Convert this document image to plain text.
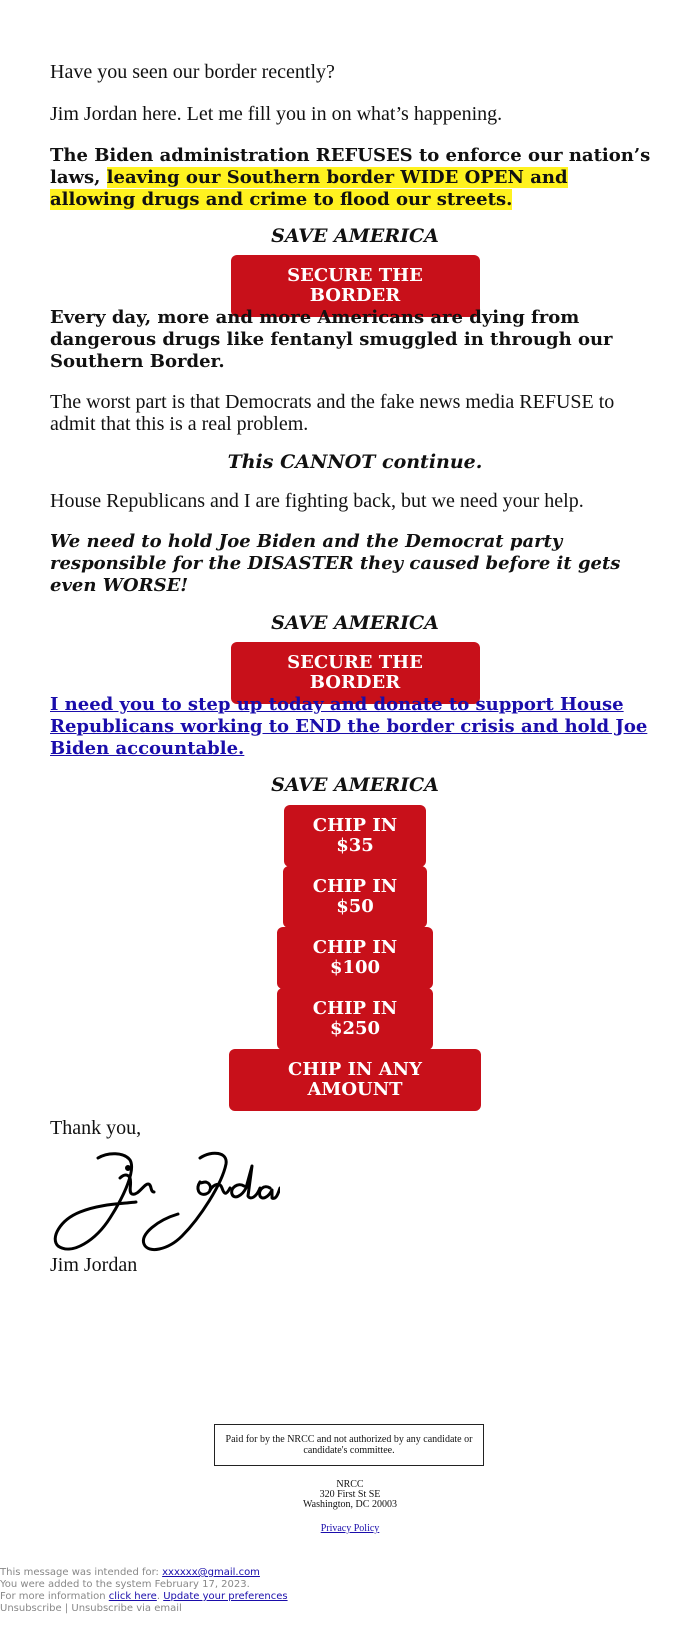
Have you seen our border recently?

Jim Jordan here. Let me fill you in on what’s happening.

The Biden administration REFUSES to enforce our nation’s laws, leaving our Southern border WIDE OPEN and allowing drugs and crime to flood our streets.

SAVE AMERICA

SECURE THE BORDER

Every day, more and more Americans are dying from dangerous drugs like fentanyl smuggled in through our Southern Border.

The worst part is that Democrats and the fake news media REFUSE to admit that this is a real problem.

This CANNOT continue.

House Republicans and I are fighting back, but we need your help.

We need to hold Joe Biden and the Democrat party responsible for the DISASTER they caused before it gets even WORSE!

SAVE AMERICA

SECURE THE BORDER

I need you to step up today and donate to support House Republicans working to END the border crisis and hold Joe Biden accountable.

SAVE AMERICA

CHIP IN $35
CHIP IN $50
CHIP IN $100
CHIP IN $250
CHIP IN ANY AMOUNT

Thank you,

Jim Jordan

Paid for by the NRCC and not authorized by any candidate or candidate's committee.
NRCC
320 First St SE
Washington, DC 20003
Privacy Policy
This message was intended for: xxxxxx@gmail.com
You were added to the system February 17, 2023.
For more information click here. Update your preferences
Unsubscribe | Unsubscribe via email
